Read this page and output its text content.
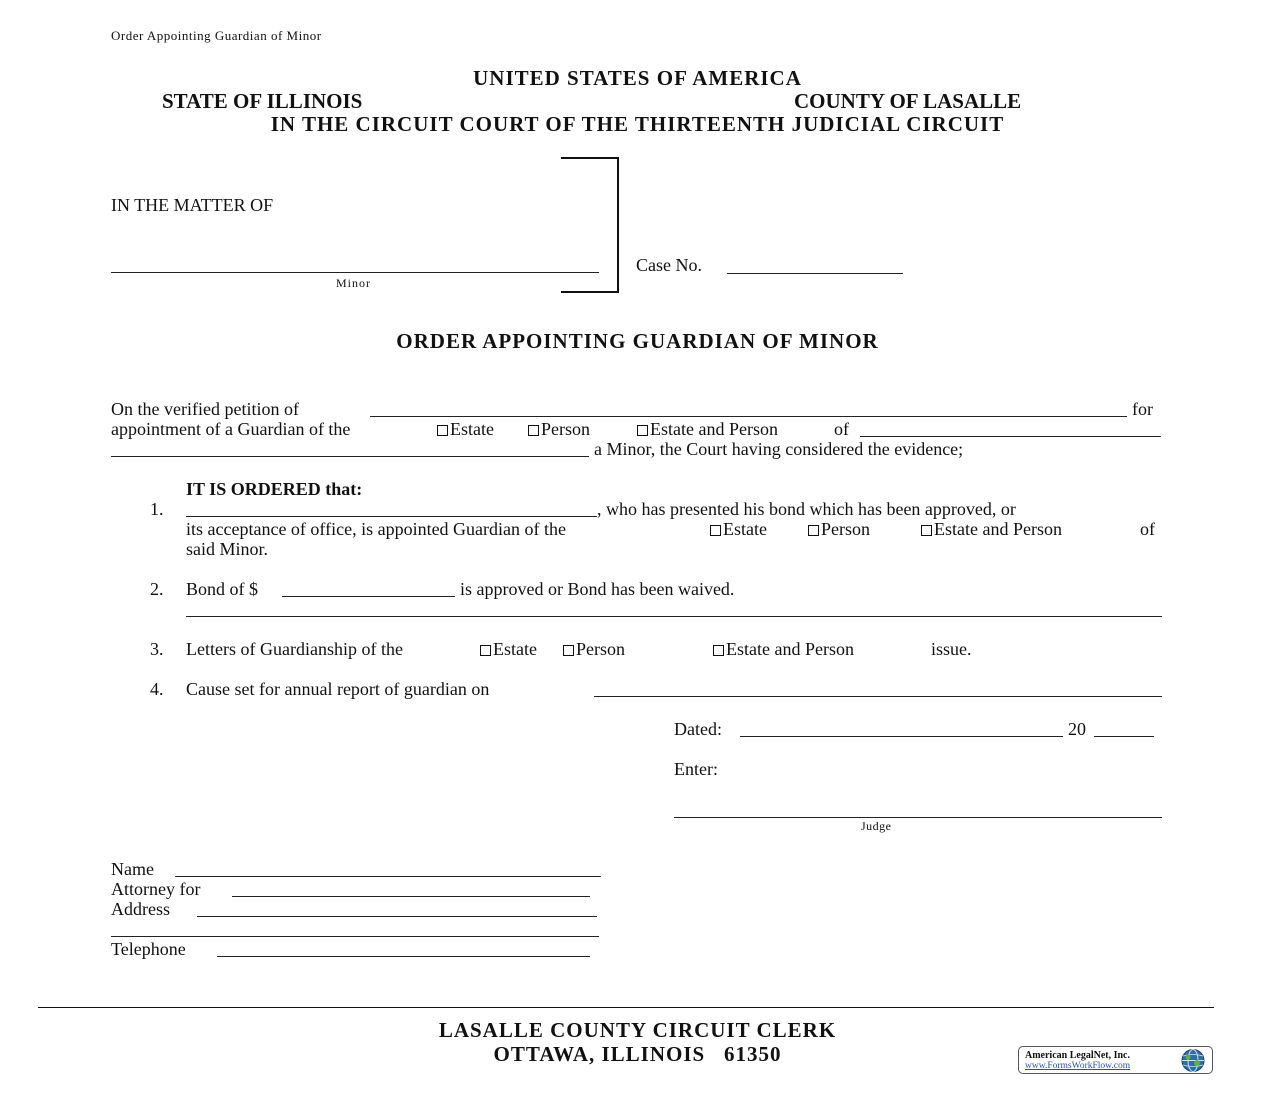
Order Appointing Guardian of Minor
UNITED STATES OF AMERICA
STATE OF ILLINOIS	COUNTY OF LASALLE
IN THE CIRCUIT COURT OF THE THIRTEENTH JUDICIAL CIRCUIT
IN THE MATTER OF
Minor
Case No.
ORDER APPOINTING GUARDIAN OF MINOR
On the verified petition of	for
appointment of a Guardian of the	Estate	Person	Estate and Person	of
a Minor, the Court having considered the evidence;
IT IS ORDERED that:
1.	, who has presented his bond which has been approved, or
its acceptance of office, is appointed Guardian of the	Estate	Person	Estate and Person	of
said Minor.
2. Bond of $	is approved or Bond has been waived.
3. Letters of Guardianship of the	Estate	Person	Estate and Person	issue.
4. Cause set for annual report of guardian on
Dated:	20
Enter:
Judge
Name
Attorney for
Address
Telephone
LASALLE COUNTY CIRCUIT CLERK
OTTAWA, ILLINOIS   61350	American LegalNet, Inc.
www.FormsWorkFlow.com
